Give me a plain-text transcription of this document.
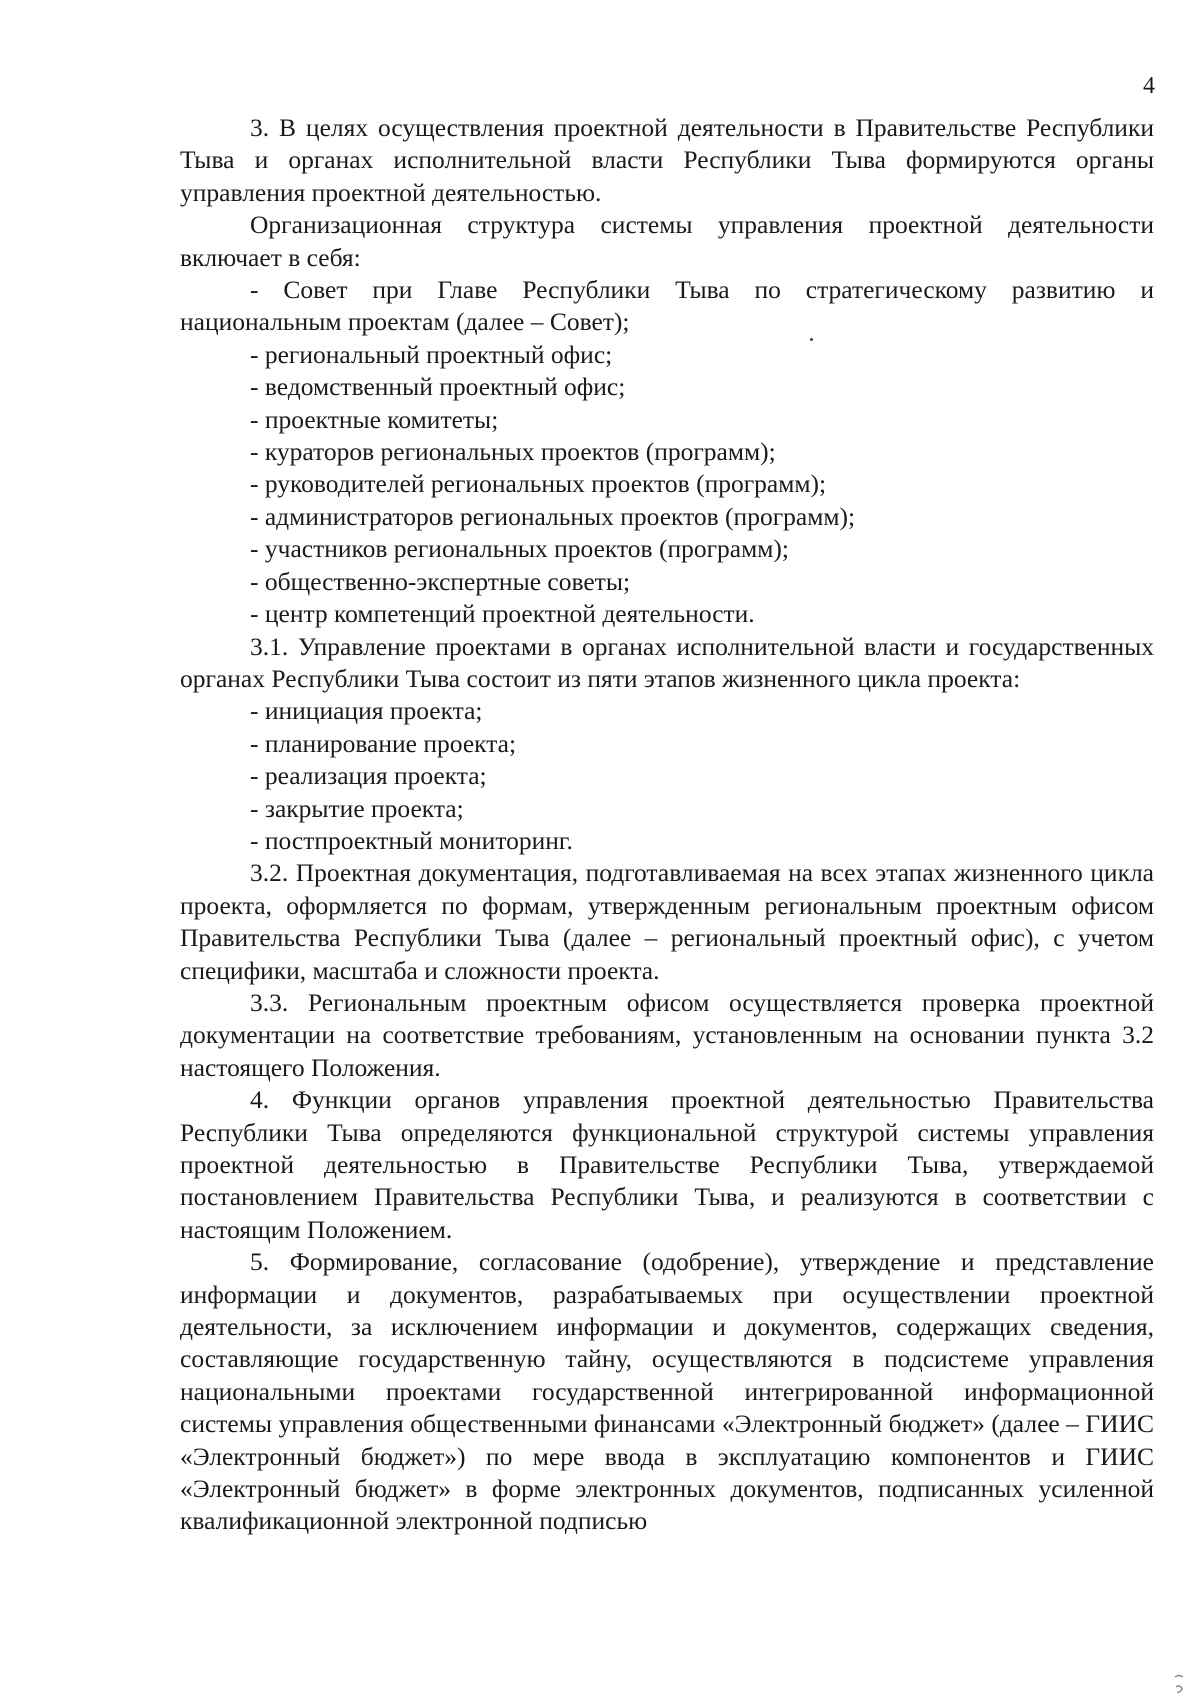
4

3. В целях осуществления проектной деятельности в Правительстве Республики Тыва и органах исполнительной власти Республики Тыва формируются органы управления проектной деятельностью.

Организационная структура системы управления проектной деятельности включает в себя:

- Совет при Главе Республики Тыва по стратегическому развитию и национальным проектам (далее – Совет);

- региональный проектный офис;

- ведомственный проектный офис;

- проектные комитеты;

- кураторов региональных проектов (программ);

- руководителей региональных проектов (программ);

- администраторов региональных проектов (программ);

- участников региональных проектов (программ);

- общественно-экспертные советы;

- центр компетенций проектной деятельности.

3.1. Управление проектами в органах исполнительной власти и государственных органах Республики Тыва состоит из пяти этапов жизненного цикла проекта:

- инициация проекта;

- планирование проекта;

- реализация проекта;

- закрытие проекта;

- постпроектный мониторинг.

3.2. Проектная документация, подготавливаемая на всех этапах жизненного цикла проекта, оформляется по формам, утвержденным региональным проектным офисом Правительства Республики Тыва (далее – региональный проектный офис), с учетом специфики, масштаба и сложности проекта.

3.3. Региональным проектным офисом осуществляется проверка проектной документации на соответствие требованиям, установленным на основании пункта 3.2 настоящего Положения.

4. Функции органов управления проектной деятельностью Правительства Республики Тыва определяются функциональной структурой системы управления проектной деятельностью в Правительстве Республики Тыва, утверждаемой постановлением Правительства Республики Тыва, и реализуются в соответствии с настоящим Положением.

5. Формирование, согласование (одобрение), утверждение и представление информации и документов, разрабатываемых при осуществлении проектной деятельности, за исключением информации и документов, содержащих сведения, составляющие государственную тайну, осуществляются в подсистеме управления национальными проектами государственной интегрированной информационной системы управления общественными финансами «Электронный бюджет» (далее – ГИИС «Электронный бюджет») по мере ввода в эксплуатацию компонентов и ГИИС «Электронный бюджет» в форме электронных документов, подписанных усиленной квалификационной электронной подписью
